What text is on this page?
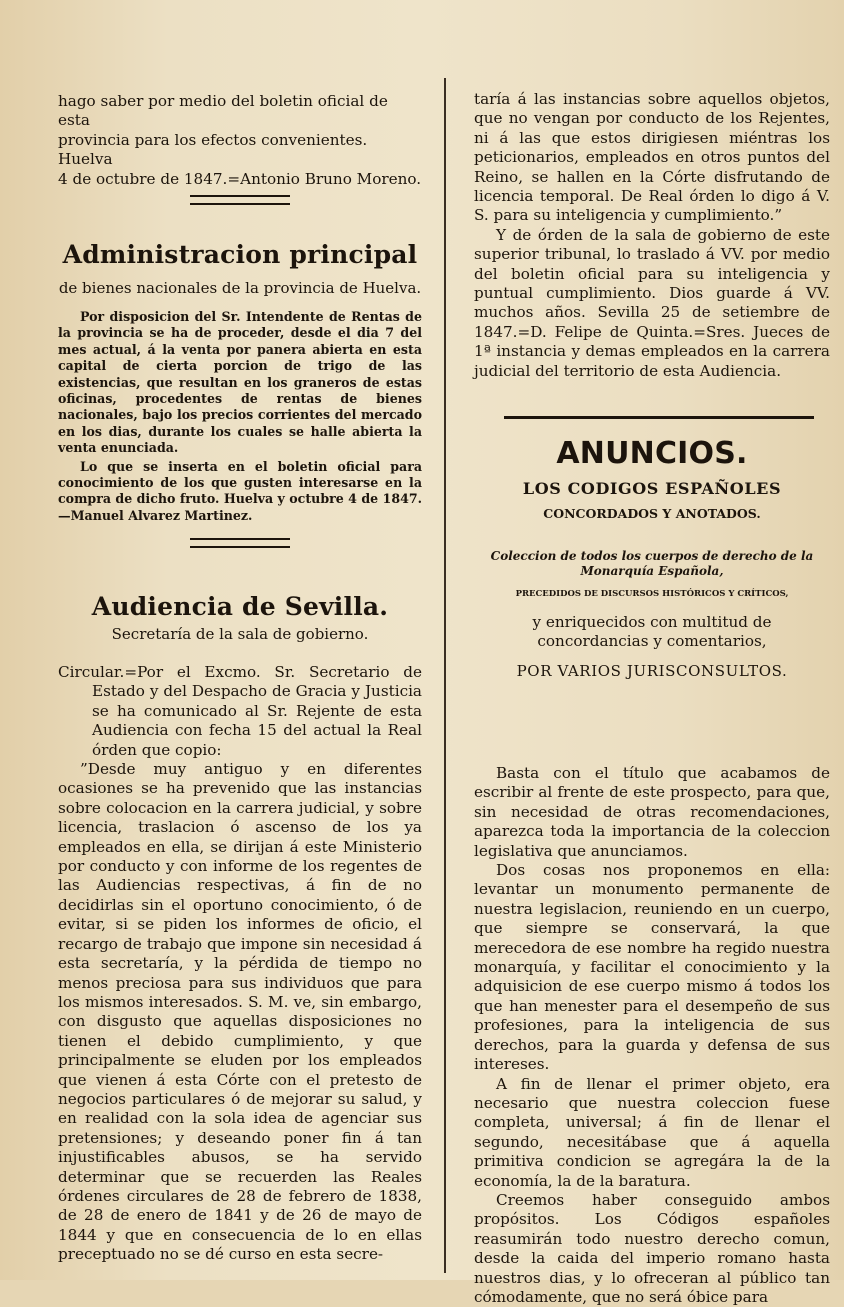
hago saber por medio del boletin oficial de esta

provincia para los efectos convenientes. Huelva

4 de octubre de 1847.=Antonio Bruno Moreno.

Administracion principal

de bienes nacionales de la provincia de Huelva.

Por disposicion del Sr. Intendente de Rentas de la provincia se ha de proceder, desde el dia 7 del mes actual, á la venta por panera abierta en esta capital de cierta porcion de trigo de las existencias, que resultan en los graneros de estas oficinas, procedentes de rentas de bienes nacionales, bajo los precios corrientes del mercado en los dias, durante los cuales se halle abierta la venta enunciada.

Lo que se inserta en el boletin oficial para conocimiento de los que gusten interesarse en la compra de dicho fruto. Huelva y octubre 4 de 1847.—Manuel Alvarez Martinez.

Audiencia de Sevilla.

Secretaría de la sala de gobierno.

Circular.=Por el Excmo. Sr. Secretario de Estado y del Despacho de Gracia y Justicia se ha comunicado al Sr. Rejente de esta Audiencia con fecha 15 del actual la Real órden que copio:

”Desde muy antiguo y en diferentes ocasiones se ha prevenido que las instancias sobre colocacion en la carrera judicial, y sobre licencia, traslacion ó ascenso de los ya empleados en ella, se dirijan á este Ministerio por conducto y con informe de los regentes de las Audiencias respectivas, á fin de no decidirlas sin el oportuno conocimiento, ó de evitar, si se piden los informes de oficio, el recargo de trabajo que impone sin necesidad á esta secretaría, y la pérdida de tiempo no menos preciosa para sus individuos que para los mismos interesados. S. M. ve, sin embargo, con disgusto que aquellas disposiciones no tienen el debido cumplimiento, y que principalmente se eluden por los empleados que vienen á esta Córte con el pretesto de negocios particulares ó de mejorar su salud, y en realidad con la sola idea de agenciar sus pretensiones; y deseando poner fin á tan injustificables abusos, se ha servido determinar que se recuerden las Reales órdenes circulares de 28 de febrero de 1838, de 28 de enero de 1841 y de 26 de mayo de 1844 y que en consecuencia de lo en ellas preceptuado no se dé curso en esta secre-

taría á las instancias sobre aquellos objetos, que no vengan por conducto de los Rejentes, ni á las que estos dirigiesen miéntras los peticionarios, empleados en otros puntos del Reino, se hallen en la Córte disfrutando de licencia temporal. De Real órden lo digo á V. S. para su inteligencia y cumplimiento.”

Y de órden de la sala de gobierno de este superior tribunal, lo traslado á VV. por medio del boletin oficial para su inteligencia y puntual cumplimiento. Dios guarde á VV. muchos años. Sevilla 25 de setiembre de 1847.=D. Felipe de Quinta.=Sres. Jueces de 1ª instancia y demas empleados en la carrera judicial del territorio de esta Audiencia.

ANUNCIOS.

LOS CODIGOS ESPAÑOLES

CONCORDADOS Y ANOTADOS.

Coleccion de todos los cuerpos de derecho de la Monarquía Española,

PRECEDIDOS DE DISCURSOS HISTÓRICOS Y CRÍTICOS,

y enriquecidos con multitud de concordancias y comentarios,

POR VARIOS JURISCONSULTOS.

Basta con el título que acabamos de escribir al frente de este prospecto, para que, sin necesidad de otras recomendaciones, aparezca toda la importancia de la coleccion legislativa que anunciamos.

Dos cosas nos proponemos en ella: levantar un monumento permanente de nuestra legislacion, reuniendo en un cuerpo, que siempre se conservará, la que merecedora de ese nombre ha regido nuestra monarquía, y facilitar el conocimiento y la adquisicion de ese cuerpo mismo á todos los que han menester para el desempeño de sus profesiones, para la inteligencia de sus derechos, para la guarda y defensa de sus intereses.

A fin de llenar el primer objeto, era necesario que nuestra coleccion fuese completa, universal; á fin de llenar el segundo, necesitábase que á aquella primitiva condicion se agregára la de la economía, la de la baratura.

Creemos haber conseguido ambos propósitos. Los Códigos españoles reasumirán todo nuestro derecho comun, desde la caida del imperio romano hasta nuestros dias, y lo ofreceran al público tan cómodamente, que no será óbice para
